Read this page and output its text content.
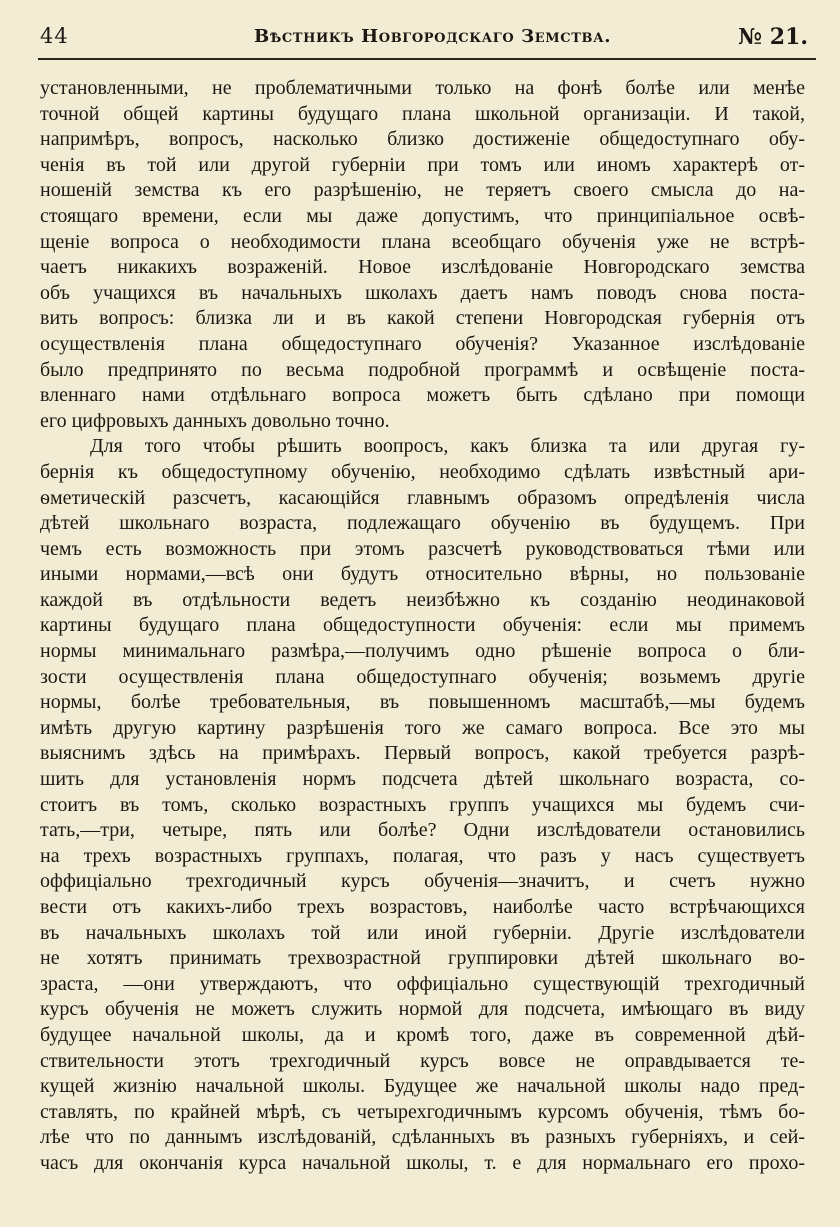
44	Вѣстникъ Новгородскаго Земства.	№ 21.
установленными, не проблематичными только на фонѣ болѣе или менѣе
точной общей картины будущаго плана школьной организаціи. И такой,
напримѣръ, вопросъ, насколько близко достиженіе общедоступнаго обу-
ченія въ той или другой губерніи при томъ или иномъ характерѣ от-
ношеній земства къ его разрѣшенію, не теряетъ своего смысла до на-
стоящаго времени, если мы даже допустимъ, что принципіальное освѣ-
щеніе вопроса о необходимости плана всеобщаго обученія уже не встрѣ-
чаетъ никакихъ возраженій. Новое изслѣдованіе Новгородскаго земства
объ учащихся въ начальныхъ школахъ даетъ намъ поводъ снова поста-
вить вопросъ: близка ли и въ какой степени Новгородская губернія отъ
осуществленія плана общедоступнаго обученія? Указанное изслѣдованіе
было предпринято по весьма подробной программѣ и освѣщеніе поста-
вленнаго нами отдѣльнаго вопроса можетъ быть сдѣлано при помощи
его цифровыхъ данныхъ довольно точно.
Для того чтобы рѣшить воопросъ, какъ близка та или другая гу-
бернія къ общедоступному обученію, необходимо сдѣлать извѣстный ари-
ѳметическій разсчетъ, касающійся главнымъ образомъ опредѣленія числа
дѣтей школьнаго возраста, подлежащаго обученію въ будущемъ. При
чемъ есть возможность при этомъ разсчетѣ руководствоваться тѣми или
иными нормами,—всѣ они будутъ относительно вѣрны, но пользованіе
каждой въ отдѣльности ведетъ неизбѣжно къ созданію неодинаковой
картины будущаго плана общедоступности обученія: если мы примемъ
нормы минимальнаго размѣра,—получимъ одно рѣшеніе вопроса о бли-
зости осуществленія плана общедоступнаго обученія; возьмемъ другіе
нормы, болѣе требовательныя, въ повышенномъ масштабѣ,—мы будемъ
имѣть другую картину разрѣшенія того же самаго вопроса. Все это мы
выяснимъ здѣсь на примѣрахъ. Первый вопросъ, какой требуется разрѣ-
шить для установленія нормъ подсчета дѣтей школьнаго возраста, со-
стоитъ въ томъ, сколько возрастныхъ группъ учащихся мы будемъ счи-
тать,—три, четыре, пять или болѣе? Одни изслѣдователи остановились
на трехъ возрастныхъ группахъ, полагая, что разъ у насъ существуетъ
оффиціально трехгодичный курсъ обученія—значитъ, и счетъ нужно
вести отъ какихъ-либо трехъ возрастовъ, наиболѣе часто встрѣчающихся
въ начальныхъ школахъ той или иной губерніи. Другіе изслѣдователи
не хотятъ принимать трехвозрастной группировки дѣтей школьнаго во-
зраста, —они утверждаютъ, что оффиціально существующій трехгодичный
курсъ обученія не можетъ служить нормой для подсчета, имѣющаго въ виду
будущее начальной школы, да и кромѣ того, даже въ современной дѣй-
ствительности этотъ трехгодичный курсъ вовсе не оправдывается те-
кущей жизнію начальной школы. Будущее же начальной школы надо пред-
ставлять, по крайней мѣрѣ, съ четырехгодичнымъ курсомъ обученія, тѣмъ бо-
лѣе что по даннымъ изслѣдованій, сдѣланныхъ въ разныхъ губерніяхъ, и сей-
часъ для окончанія курса начальной школы, т. е для нормальнаго его прохо-
